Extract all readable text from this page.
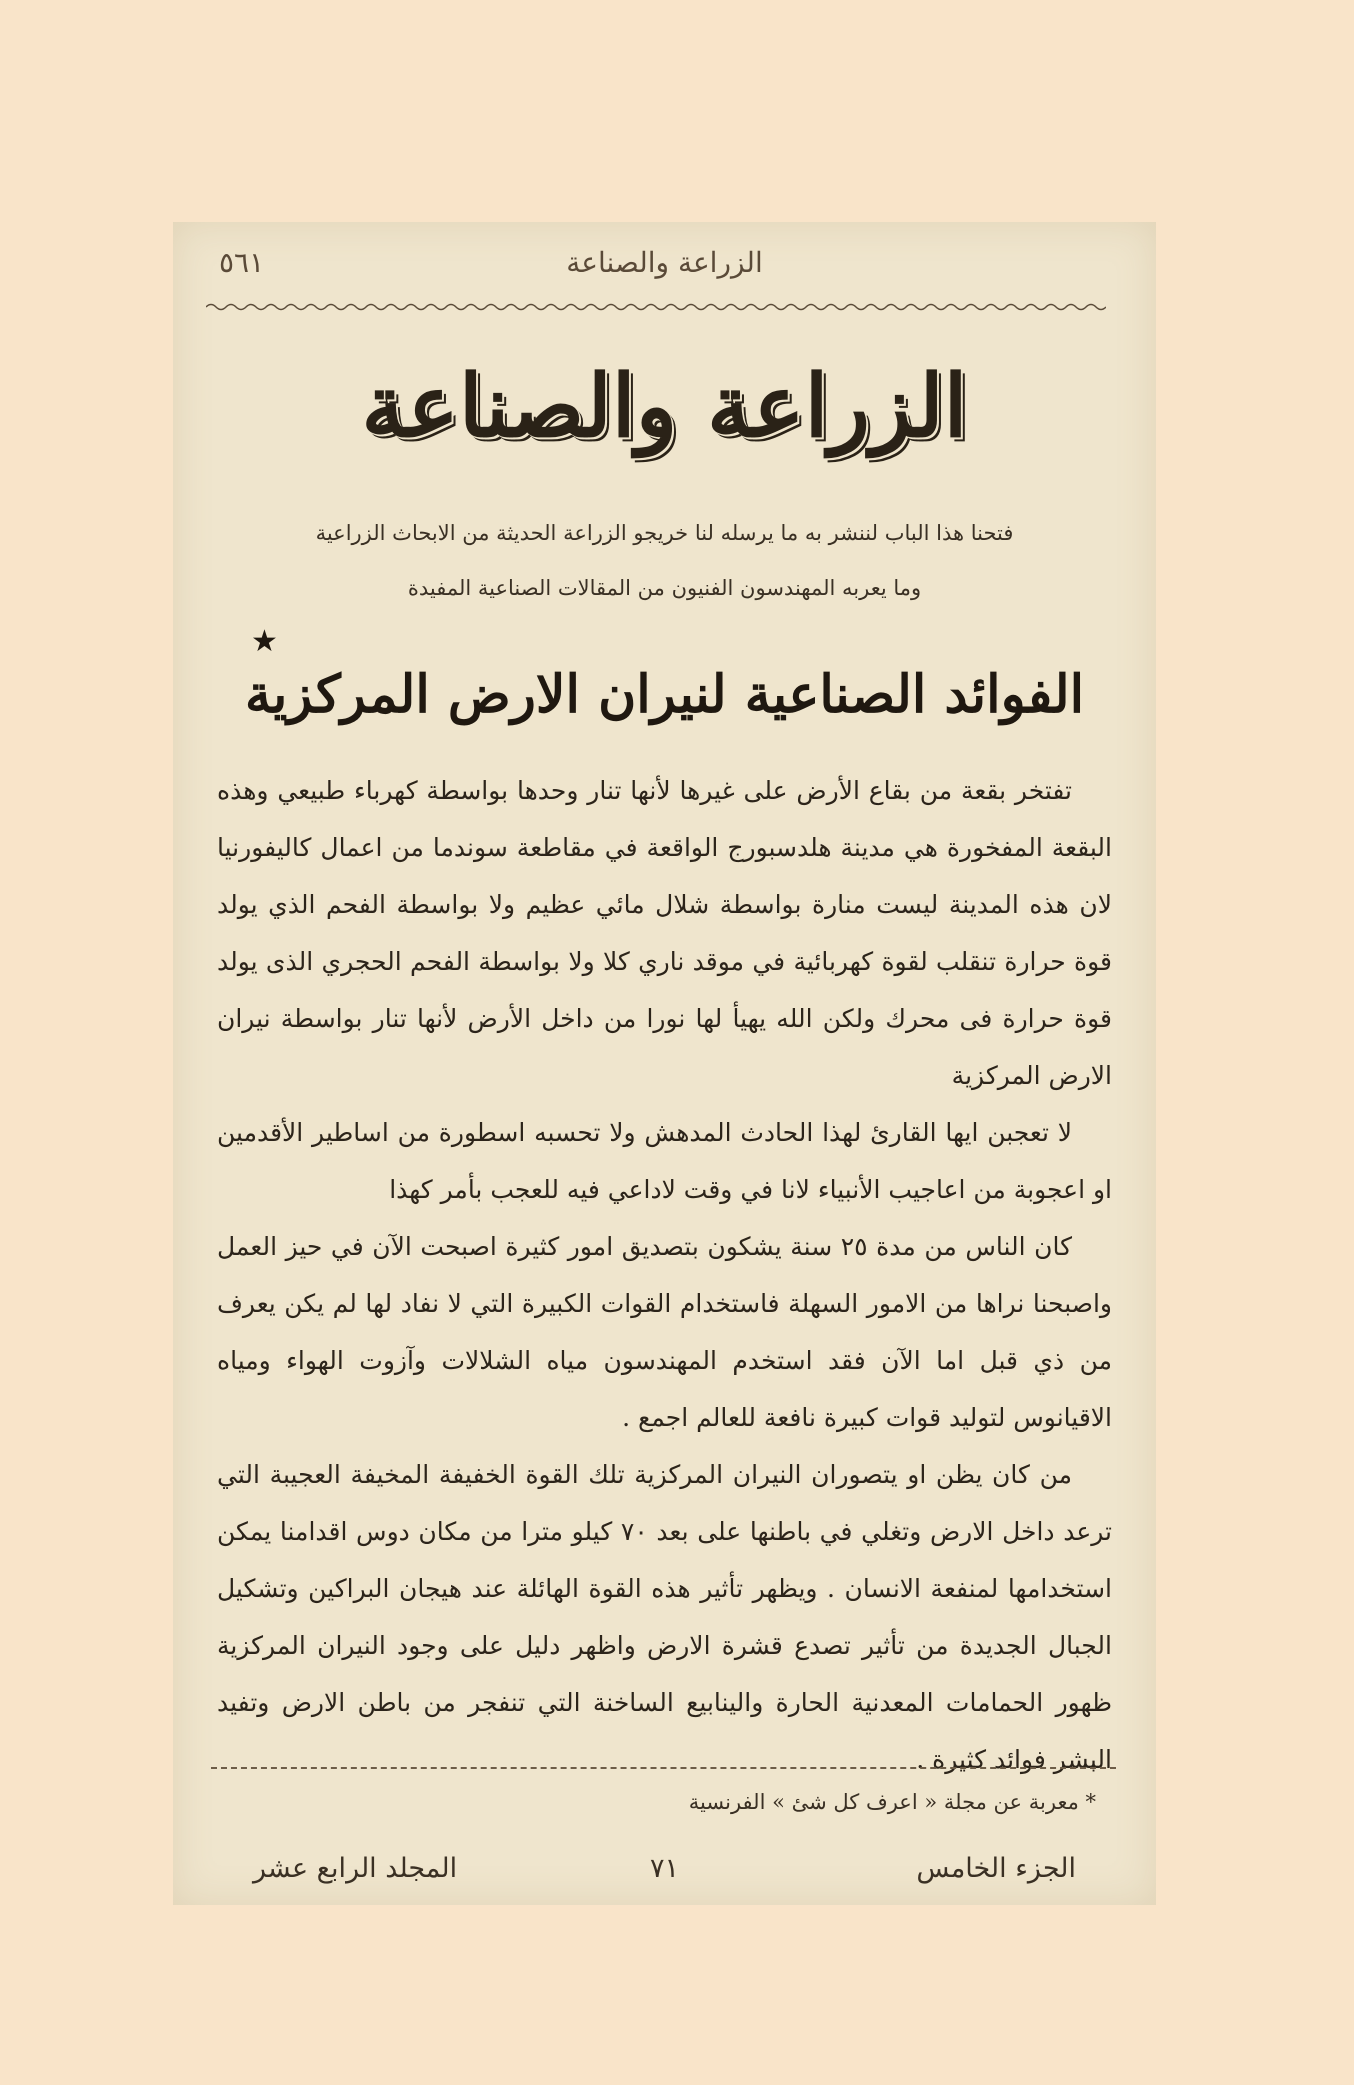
الزراعة والصناعة
٥٦١
الزراعة والصناعة
فتحنا هذا الباب لننشر به ما يرسله لنا خريجو الزراعة الحديثة من الابحاث الزراعية
وما يعربه المهندسون الفنيون من المقالات الصناعية المفيدة
★
الفوائد الصناعية لنيران الارض المركزية

تفتخر بقعة من بقاع الأرض على غيرها لأنها تنار وحدها بواسطة كهرباء طبيعي وهذه البقعة المفخورة هي مدينة هلدسبورج الواقعة في مقاطعة سوندما من اعمال كاليفورنيا لان هذه المدينة ليست منارة بواسطة شلال مائي عظيم ولا بواسطة الفحم الذي يولد قوة حرارة تنقلب لقوة كهربائية في موقد ناري كلا ولا بواسطة الفحم الحجري الذى يولد قوة حرارة فى محرك ولكن الله يهيأ لها نورا من داخل الأرض لأنها تنار بواسطة نيران الارض المركزية

لا تعجبن ايها القارئ لهذا الحادث المدهش ولا تحسبه اسطورة من اساطير الأقدمين او اعجوبة من اعاجيب الأنبياء لانا في وقت لاداعي فيه للعجب بأمر كهذا

كان الناس من مدة ٢٥ سنة يشكون بتصديق امور كثيرة اصبحت الآن في حيز العمل واصبحنا نراها من الامور السهلة فاستخدام القوات الكبيرة التي لا نفاد لها لم يكن يعرف من ذي قبل اما الآن فقد استخدم المهندسون مياه الشلالات وآزوت الهواء ومياه الاقيانوس لتوليد قوات كبيرة نافعة للعالم اجمع .

من كان يظن او يتصوران النيران المركزية تلك القوة الخفيفة المخيفة العجيبة التي ترعد داخل الارض وتغلي في باطنها على بعد ٧٠ كيلو مترا من مكان دوس اقدامنا يمكن استخدامها لمنفعة الانسان . ويظهر تأثير هذه القوة الهائلة عند هيجان البراكين وتشكيل الجبال الجديدة من تأثير تصدع قشرة الارض واظهر دليل على وجود النيران المركزية ظهور الحمامات المعدنية الحارة والينابيع الساخنة التي تنفجر من باطن الارض وتفيد البشر فوائد كثيرة .

* معربة عن مجلة « اعرف كل شئ » الفرنسية
الجزء الخامس
٧١
المجلد الرابع عشر
